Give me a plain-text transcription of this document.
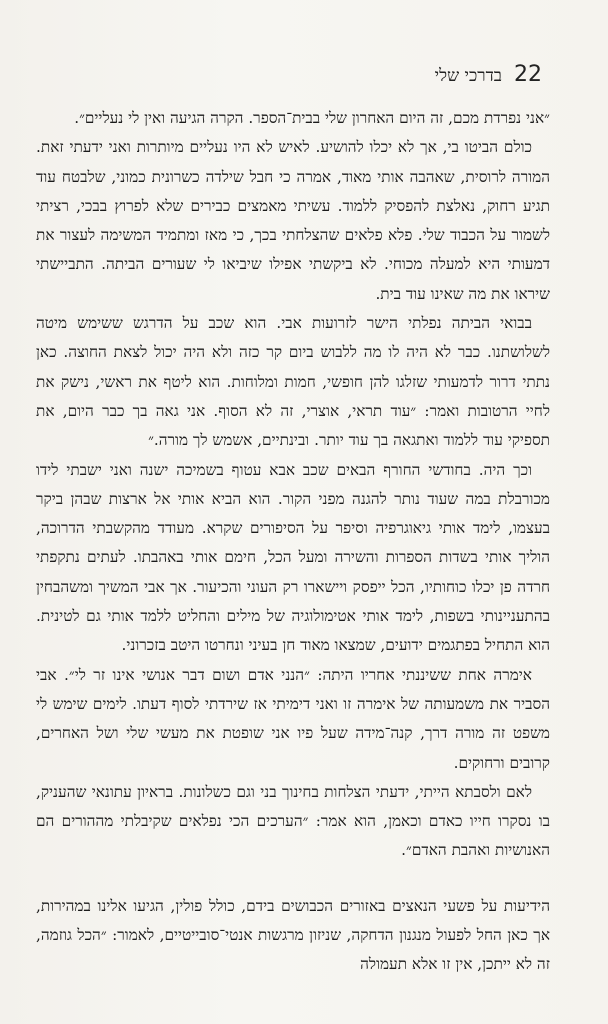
22
בדרכי שלי

״אני נפרדת מכם, זה היום האחרון שלי בבית־הספר. הקרה הגיעה ואין לי נעליים״.

כולם הביטו בי, אך לא יכלו להושיע. לאיש לא היו נעליים מיותרות ואני ידעתי זאת. המורה לרוסית, שאהבה אותי מאוד, אמרה כי חבל שילדה כשרונית כמוני, שלבטח עוד תגיע רחוק, נאלצת להפסיק ללמוד. עשיתי מאמצים כבירים שלא לפרוץ בבכי, רציתי לשמור על הכבוד שלי. פלא פלאים שהצלחתי בכך, כי מאז ומתמיד המשימה לעצור את דמעותי היא למעלה מכוחי. לא ביקשתי אפילו שיביאו לי שעורים הביתה. התביישתי שיראו את מה שאינו עוד בית.

בבואי הביתה נפלתי הישר לזרועות אבי. הוא שכב על הדרגש ששימש מיטה לשלושתנו. כבר לא היה לו מה ללבוש ביום קר כזה ולא היה יכול לצאת החוצה. כאן נתתי דרור לדמעותי שזלגו להן חופשי, חמות ומלוחות. הוא ליטף את ראשי, נישק את לחיי הרטובות ואמר: ״עוד תראי, אוצרי, זה לא הסוף. אני גאה בך כבר היום, את תספיקי עוד ללמוד ואתגאה בך עוד יותר. ובינתיים, אשמש לך מורה.״

וכך היה. בחודשי החורף הבאים שכב אבא עטוף בשמיכה ישנה ואני ישבתי לידו מכורבלת במה שעוד נותר להגנה מפני הקור. הוא הביא אותי אל ארצות שבהן ביקר בעצמו, לימד אותי גיאוגרפיה וסיפר על הסיפורים שקרא. מעודד מהקשבתי הדרוכה, הוליך אותי בשדות הספרות והשירה ומעל הכל, חימם אותי באהבתו. לעתים נתקפתי חרדה פן יכלו כוחותיו, הכל ייפסק ויישארו רק העוני והכיעור. אך אבי המשיך ומשהבחין בהתעניינותי בשפות, לימד אותי אטימולוגיה של מילים והחליט ללמד אותי גם לטינית. הוא התחיל בפתגמים ידועים, שמצאו מאוד חן בעיני ונחרטו היטב בזכרוני.

אימרה אחת ששיננתי אחריו היתה: ״הנני אדם ושום דבר אנושי אינו זר לי״. אבי הסביר את משמעותה של אימרה זו ואני דימיתי אז שירדתי לסוף דעתו. לימים שימש לי משפט זה מורה דרך, קנה־מידה שעל פיו אני שופטת את מעשי שלי ושל האחרים, קרובים ורחוקים.

לאם ולסבתא הייתי, ידעתי הצלחות בחינוך בני וגם כשלונות. בראיון עתונאי שהעניק, בו נסקרו חייו כאדם וכאמן, הוא אמר: ״הערכים הכי נפלאים שקיבלתי מההורים הם האנושיות ואהבת האדם״.

הידיעות על פשעי הנאצים באזורים הכבושים בידם, כולל פולין, הגיעו אלינו במהירות, אך כאן החל לפעול מנגנון הדחקה, שניזון מרגשות אנטי־סובייטיים, לאמור: ״הכל גוזמה, זה לא ייתכן, אין זו אלא תעמולה
